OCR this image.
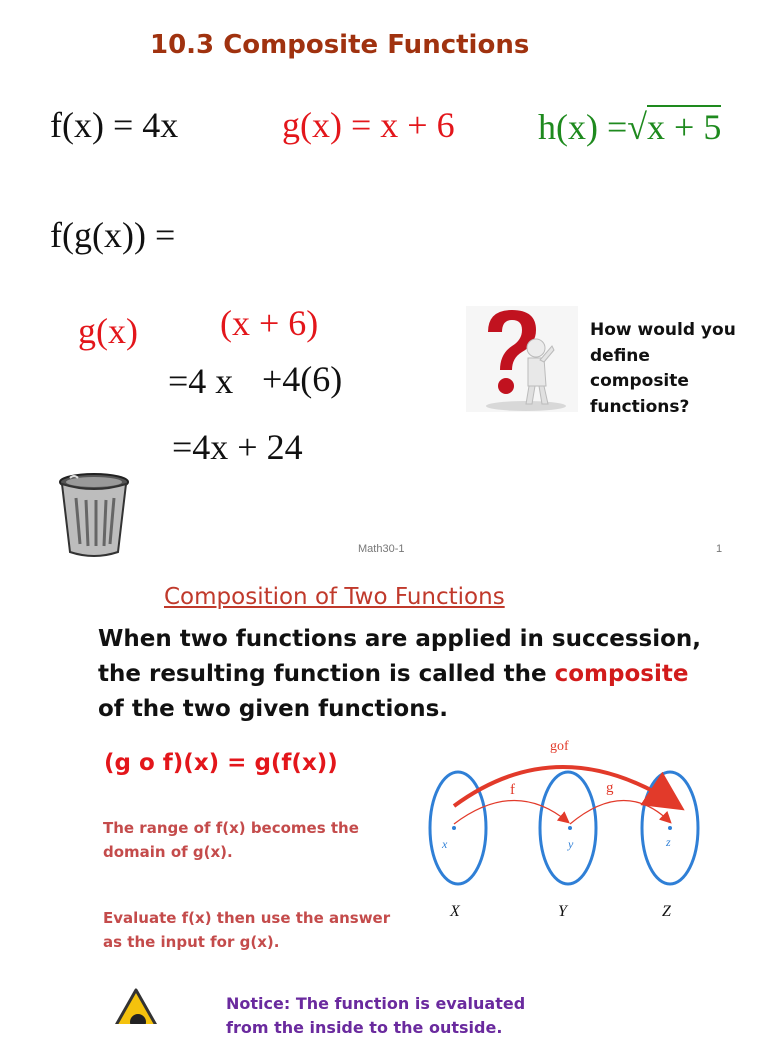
10.3 Composite Functions
f(x) = 4x	g(x) = x + 6 h(x) =√x + 5
f(g(x)) =
g(x) (x + 6)
=4 x +4(6)
=4x + 24
How would you define composite functions?
Math30-1	1
Composition of Two Functions
When two functions are applied in succession, the resulting function is called the composite of the two given functions.
(g o f)(x) = g(f(x))
The range of f(x) becomes the domain of g(x).
Evaluate f(x) then use the answer as the input for g(x).
gof
f	g
x	y	z
X	Y	Z
Notice: The function is evaluated from the inside to the outside.
